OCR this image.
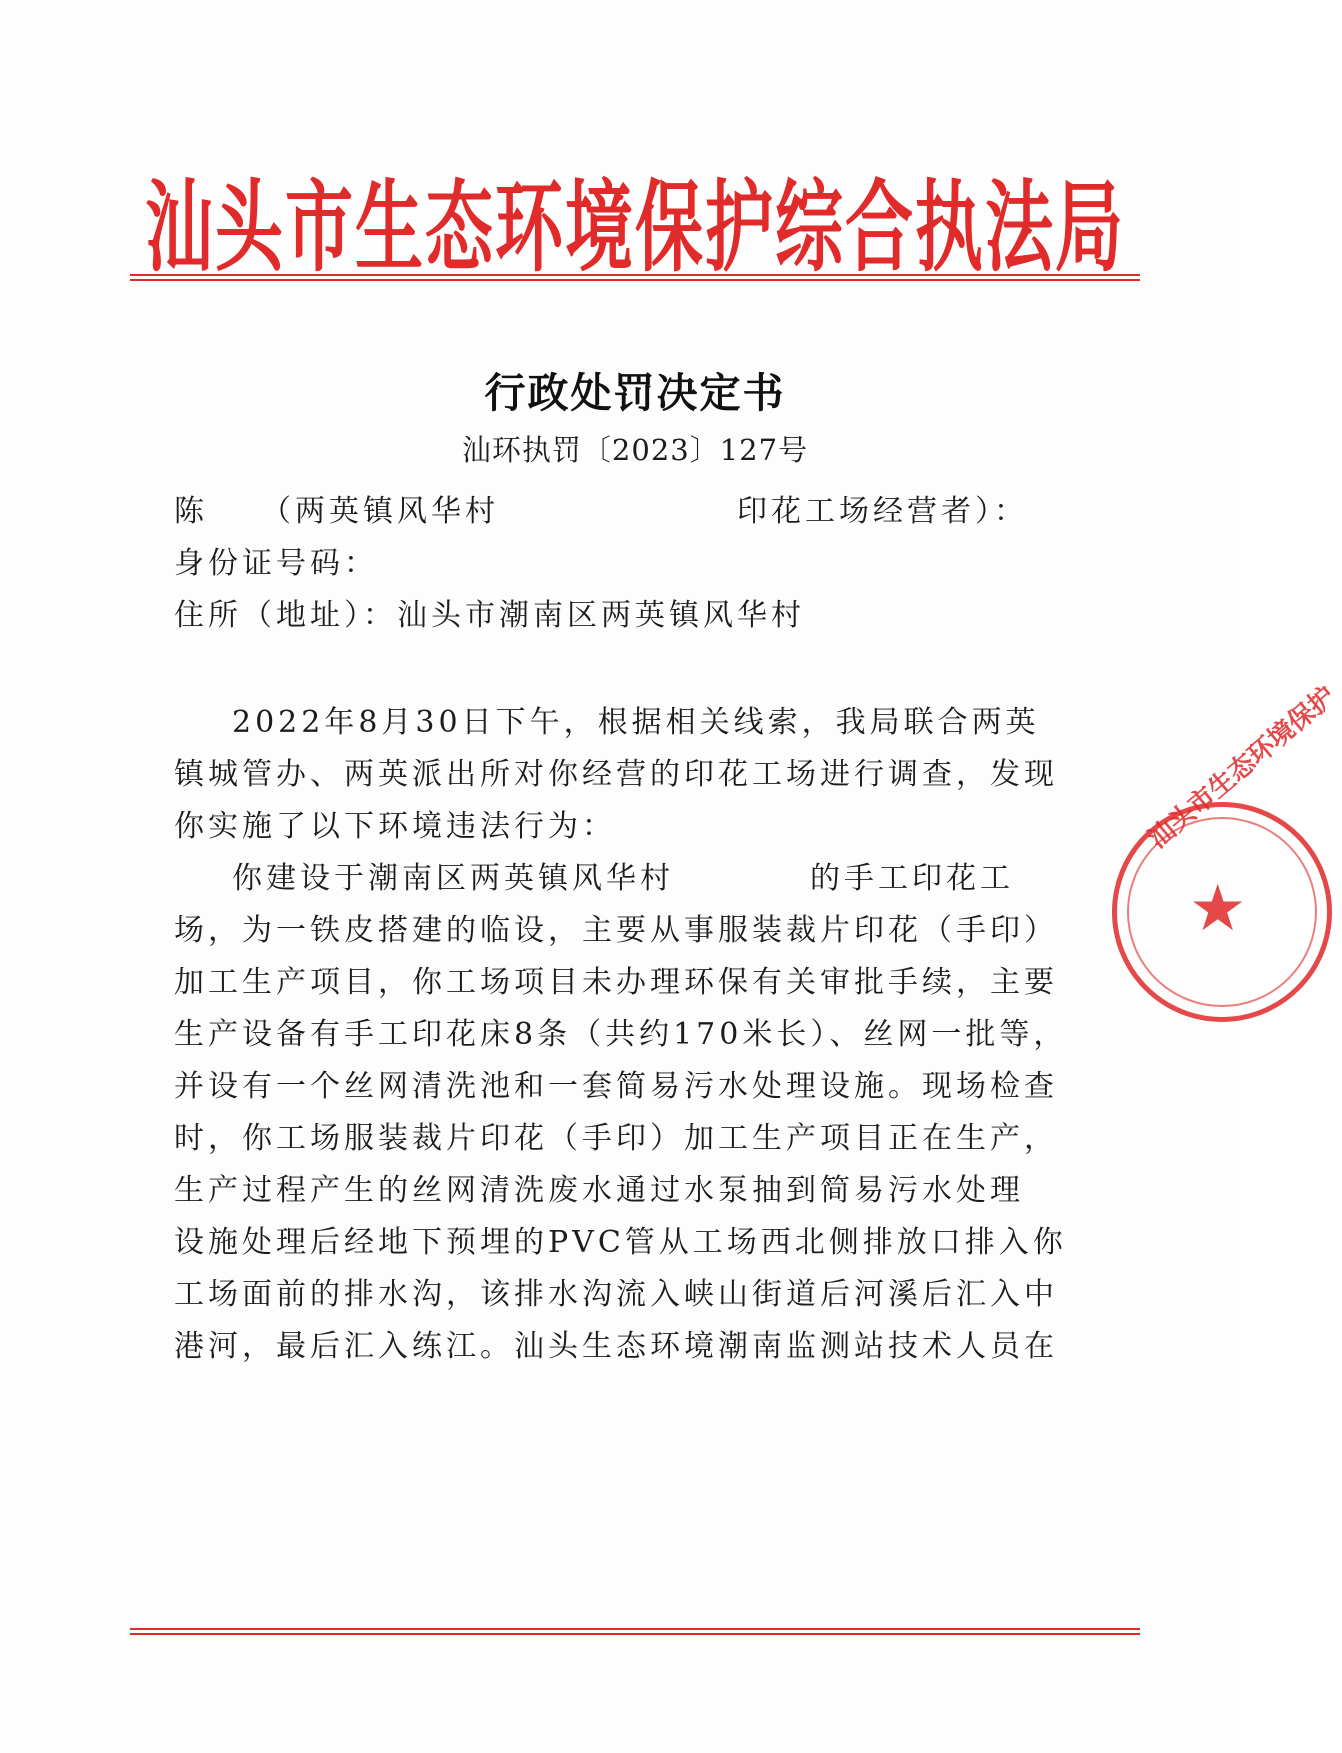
汕头市生态环境保护综合执法局
行政处罚决定书
汕环执罚〔2023〕127号
陈　　（两英镇风华村　　　　　　　印花工场经营者）：
身份证号码：
住所（地址）：汕头市潮南区两英镇风华村
2022年8月30日下午，根据相关线索，我局联合两英
镇城管办、两英派出所对你经营的印花工场进行调查，发现
你实施了以下环境违法行为：
你建设于潮南区两英镇风华村　　　　的手工印花工
场，为一铁皮搭建的临设，主要从事服装裁片印花（手印）
加工生产项目，你工场项目未办理环保有关审批手续，主要
生产设备有手工印花床8条（共约170米长）、丝网一批等，
并设有一个丝网清洗池和一套简易污水处理设施。现场检查
时，你工场服装裁片印花（手印）加工生产项目正在生产，
生产过程产生的丝网清洗废水通过水泵抽到简易污水处理
设施处理后经地下预埋的PVC管从工场西北侧排放口排入你
工场面前的排水沟，该排水沟流入峡山街道后河溪后汇入中
港河，最后汇入练江。汕头生态环境潮南监测站技术人员在
汕头市生态环境保护
★
